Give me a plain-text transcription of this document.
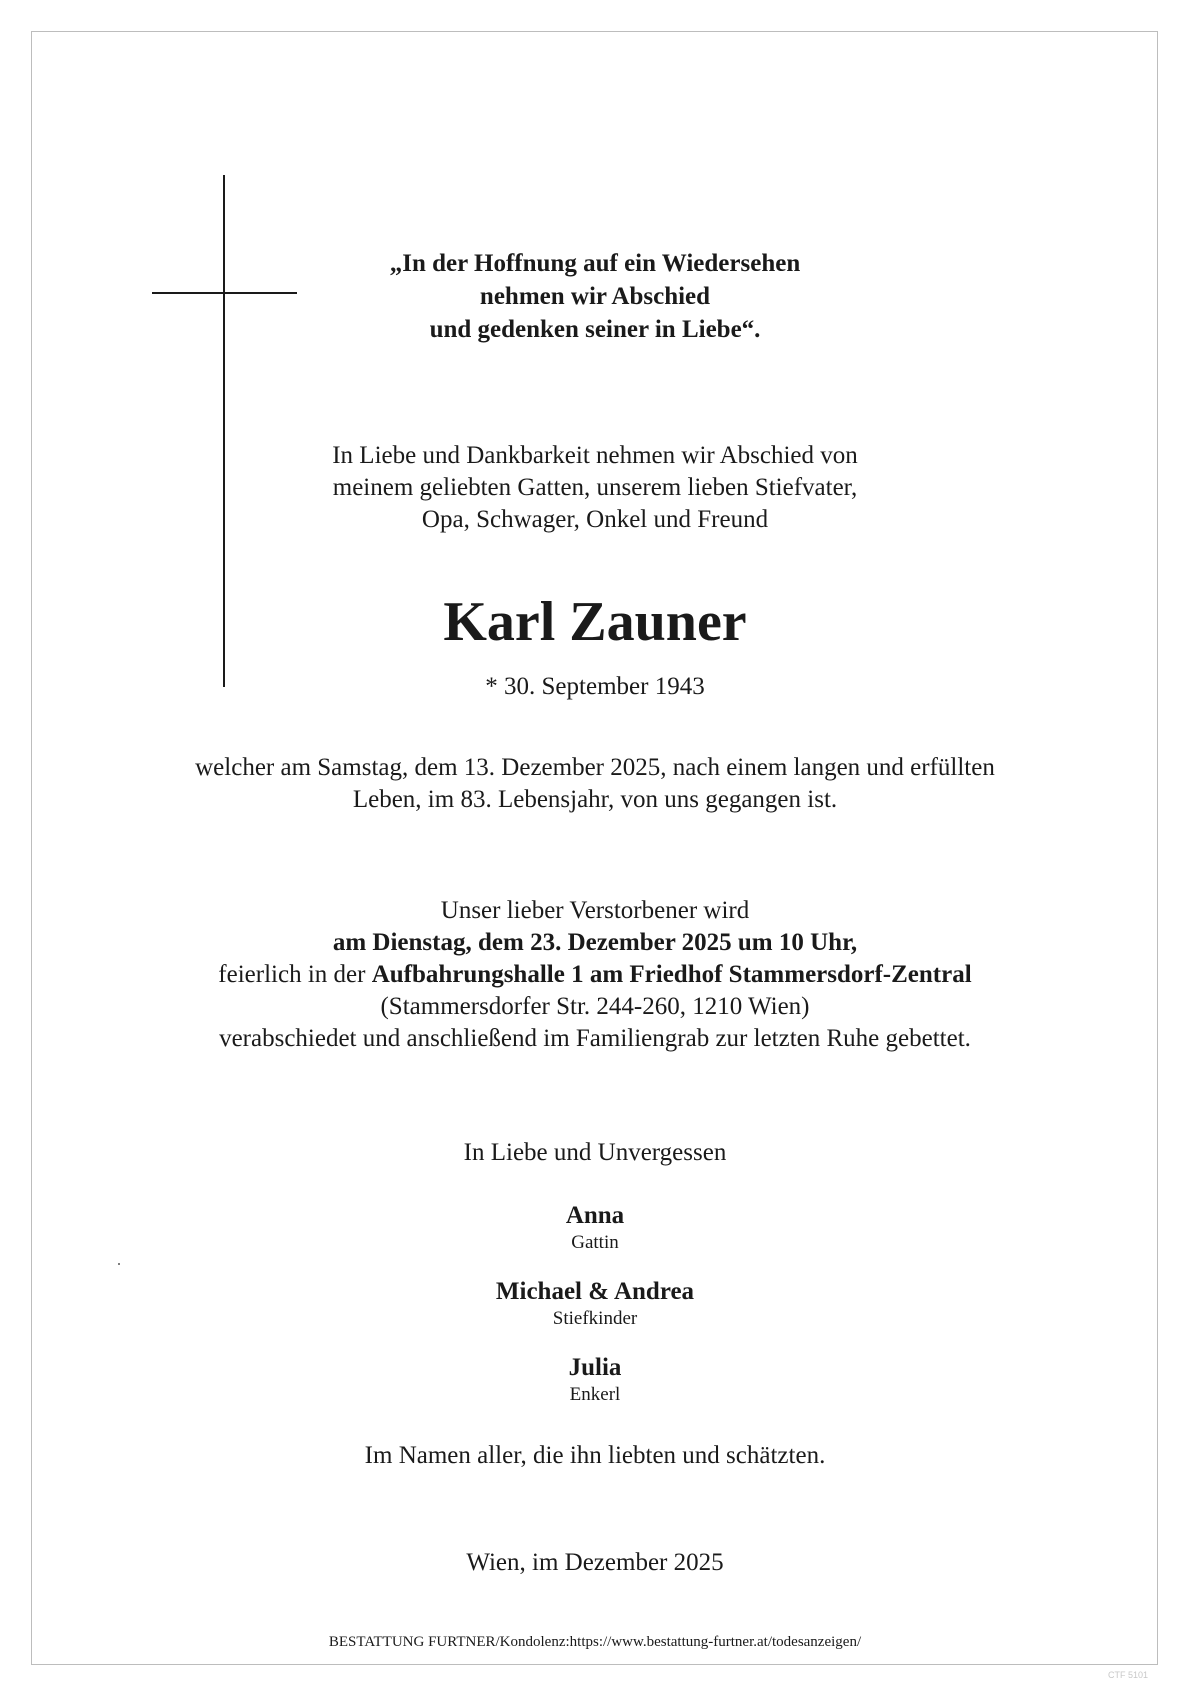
„In der Hoffnung auf ein Wiedersehen
nehmen wir Abschied
und gedenken seiner in Liebe“.
In Liebe und Dankbarkeit nehmen wir Abschied von
meinem geliebten Gatten, unserem lieben Stiefvater,
Opa, Schwager, Onkel und Freund
Karl Zauner
* 30. September 1943
welcher am Samstag, dem 13. Dezember 2025, nach einem langen und erfüllten
Leben, im 83. Lebensjahr, von uns gegangen ist.
Unser lieber Verstorbener wird
am Dienstag, dem 23. Dezember 2025 um 10 Uhr,
feierlich in der Aufbahrungshalle 1 am Friedhof Stammersdorf-Zentral
(Stammersdorfer Str. 244-260, 1210 Wien)
verabschiedet und anschließend im Familiengrab zur letzten Ruhe gebettet.
In Liebe und Unvergessen
Anna
Gattin
Michael & Andrea
Stiefkinder
Julia
Enkerl
Im Namen aller, die ihn liebten und schätzten.
Wien, im Dezember 2025
BESTATTUNG FURTNER/Kondolenz:https://www.bestattung-furtner.at/todesanzeigen/
CTF 5101
